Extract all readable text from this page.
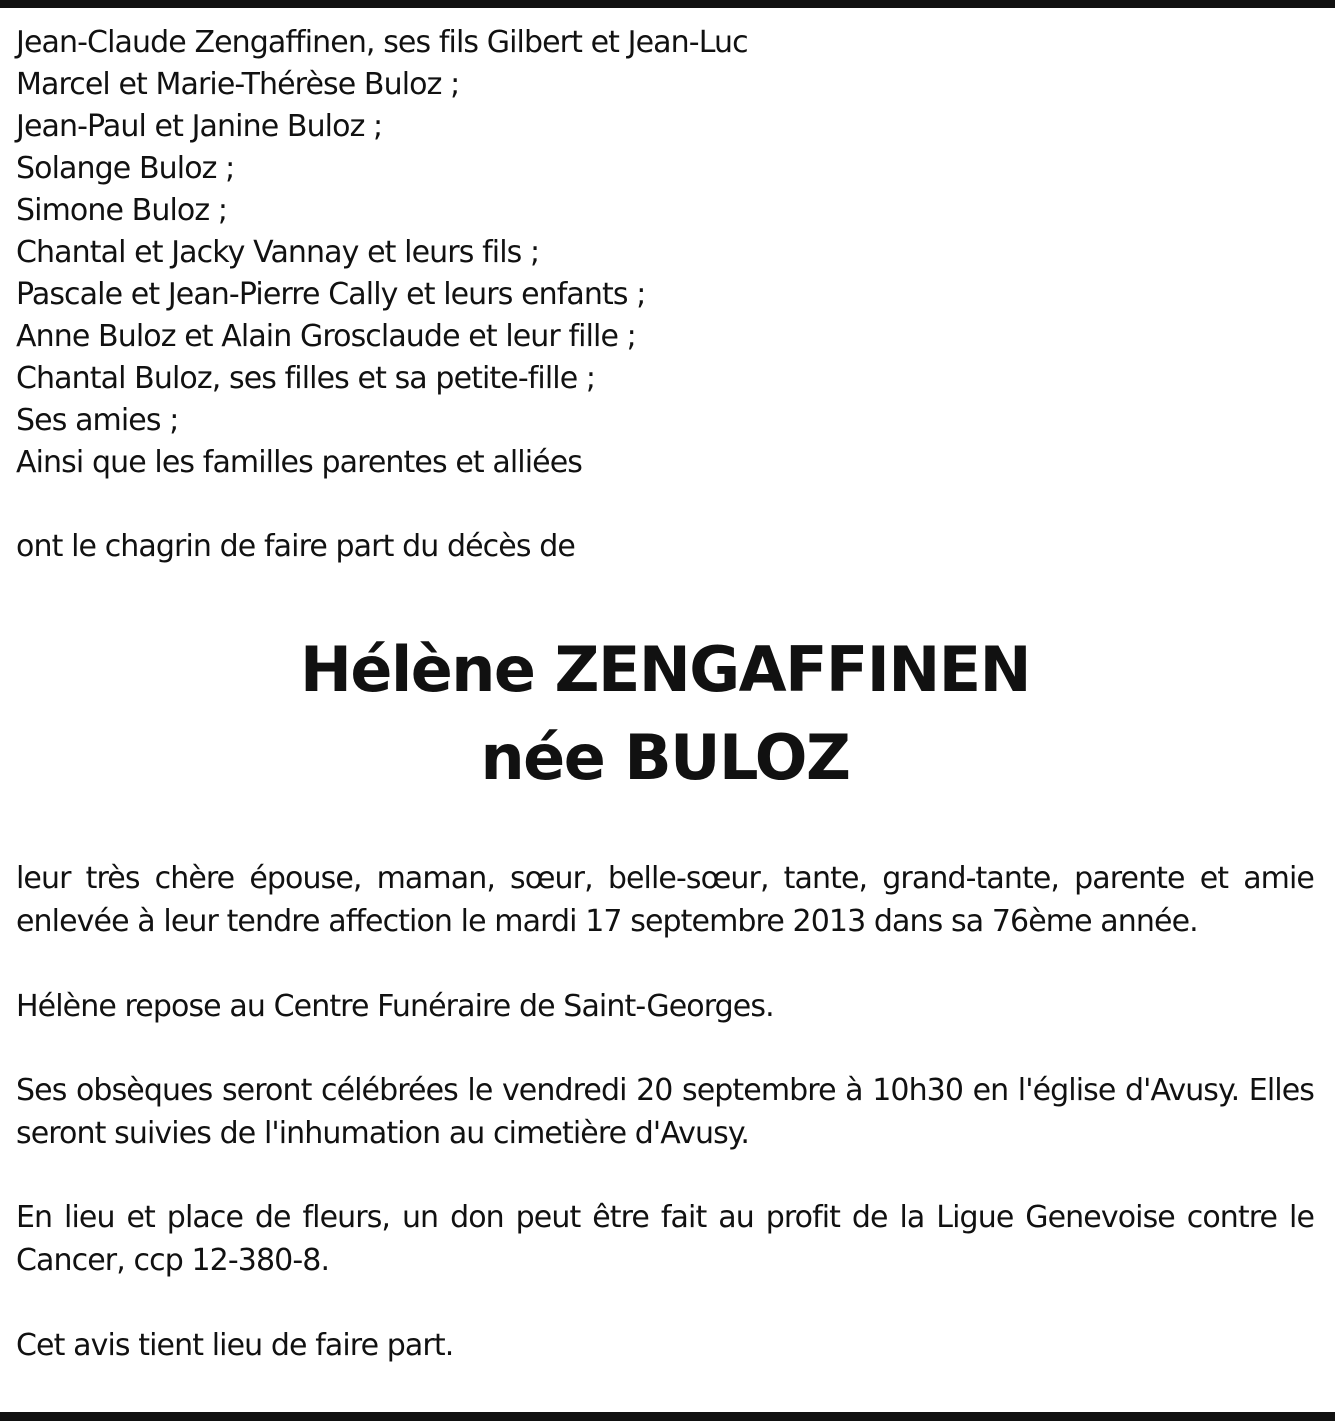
Jean-Claude Zengaffinen, ses fils Gilbert et Jean-Luc
Marcel et Marie-Thérèse Buloz ;
Jean-Paul et Janine Buloz ;
Solange Buloz ;
Simone Buloz ;
Chantal et Jacky Vannay et leurs fils ;
Pascale et Jean-Pierre Cally et leurs enfants ;
Anne Buloz et Alain Grosclaude et leur fille ;
Chantal Buloz, ses filles et sa petite-fille ;
Ses amies ;
Ainsi que les familles parentes et alliées
ont le chagrin de faire part du décès de
Hélène ZENGAFFINEN
née BULOZ
leur très chère épouse, maman, sœur, belle-sœur, tante, grand-tante, parente et amie enlevée à leur tendre affection le mardi 17 septembre 2013 dans sa 76ème année.
Hélène repose au Centre Funéraire de Saint-Georges.
Ses obsèques seront célébrées le vendredi 20 septembre à 10h30 en l'église d'Avusy. Elles seront suivies de l'inhumation au cimetière d'Avusy.
En lieu et place de fleurs, un don peut être fait au profit de la Ligue Genevoise contre le Cancer, ccp 12-380-8.
Cet avis tient lieu de faire part.
